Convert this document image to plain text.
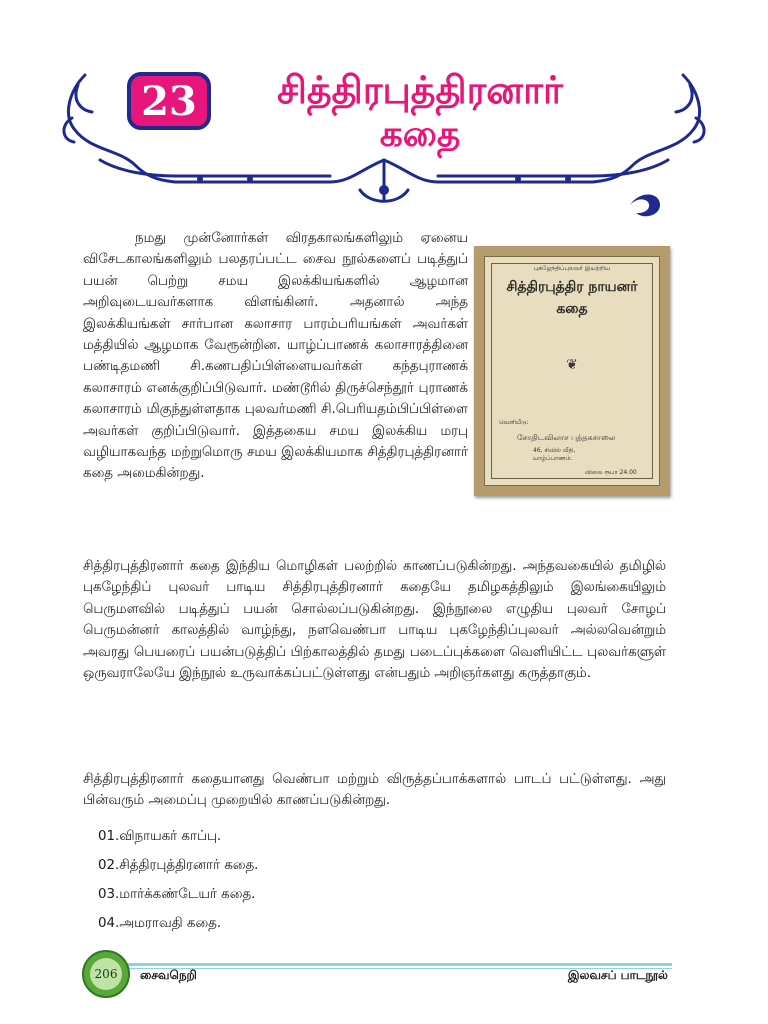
23	சித்திரபுத்திரனார்
கதை

நமது முன்னோர்கள் விரதகாலங்களிலும் ஏனைய விசேடகாலங்களிலும் பலதரப்பட்ட சைவ நூல்களைப் படித்துப் பயன் பெற்று சமய இலக்கியங்களில் ஆழமான அறிவுடையவர்களாக விளங்கினர். அதனால் அந்த இலக்கியங்கள் சார்பான கலாசார பாரம்பரியங்கள் அவர்கள் மத்தியில் ஆழமாக வேரூன்றின. யாழ்ப்பாணக் கலாசாரத்தினை பண்டிதமணி சி.கணபதிப்பிள்ளையவர்கள் கந்தபுராணக் கலாசாரம் எனக்குறிப்பிடுவார். மண்டூரில் திருச்செந்தூர் புராணக் கலாசாரம் மிகுந்துள்ளதாக புலவர்மணி சி.பெரியதம்பிப்பிள்ளை அவர்கள் குறிப்பிடுவார். இத்தகைய சமய இலக்கிய மரபு வழியாகவந்த மற்றுமொரு சமய இலக்கியமாக சித்திரபுத்திரனார் கதை அமைகின்றது.

புகழேந்திப்புலவர் இயற்றிய
சித்திரபுத்திர நாயனர்
கதை
❦
வெளியீடு:
சோதிடவிலாச புத்தகசாலை
46, சிவில் வீதி,
யாழ்ப்பாணம்.
விலை ரூபா 24.00

சித்திரபுத்திரனார் கதை இந்திய மொழிகள் பலற்றில் காணப்படுகின்றது. அந்தவகையில் தமிழில் புகழேந்திப் புலவர் பாடிய சித்திரபுத்திரனார் கதையே தமிழகத்திலும் இலங்கையிலும் பெருமளவில் படித்துப் பயன் சொல்லப்படுகின்றது. இந்நூலை எழுதிய புலவர் சோழப் பெருமன்னர் காலத்தில் வாழ்ந்து, நளவெண்பா பாடிய புகழேந்திப்புலவர் அல்லவென்றும் அவரது பெயரைப் பயன்படுத்திப் பிற்காலத்தில் தமது படைப்புக்களை வெளியிட்ட புலவர்களுள் ஒருவராலேயே இந்நூல் உருவாக்கப்பட்டுள்ளது என்பதும் அறிஞர்களது கருத்தாகும்.

சித்திரபுத்திரனார் கதையானது வெண்பா மற்றும் விருத்தப்பாக்களால் பாடப் பட்டுள்ளது. அது பின்வரும் அமைப்பு முறையில் காணப்படுகின்றது.

01.விநாயகர் காப்பு.
02.சித்திரபுத்திரனார் கதை.
03.மார்க்கண்டேயர் கதை.
04.அமராவதி கதை.
206	சைவநெறி	இலவசப் பாடநூல்
